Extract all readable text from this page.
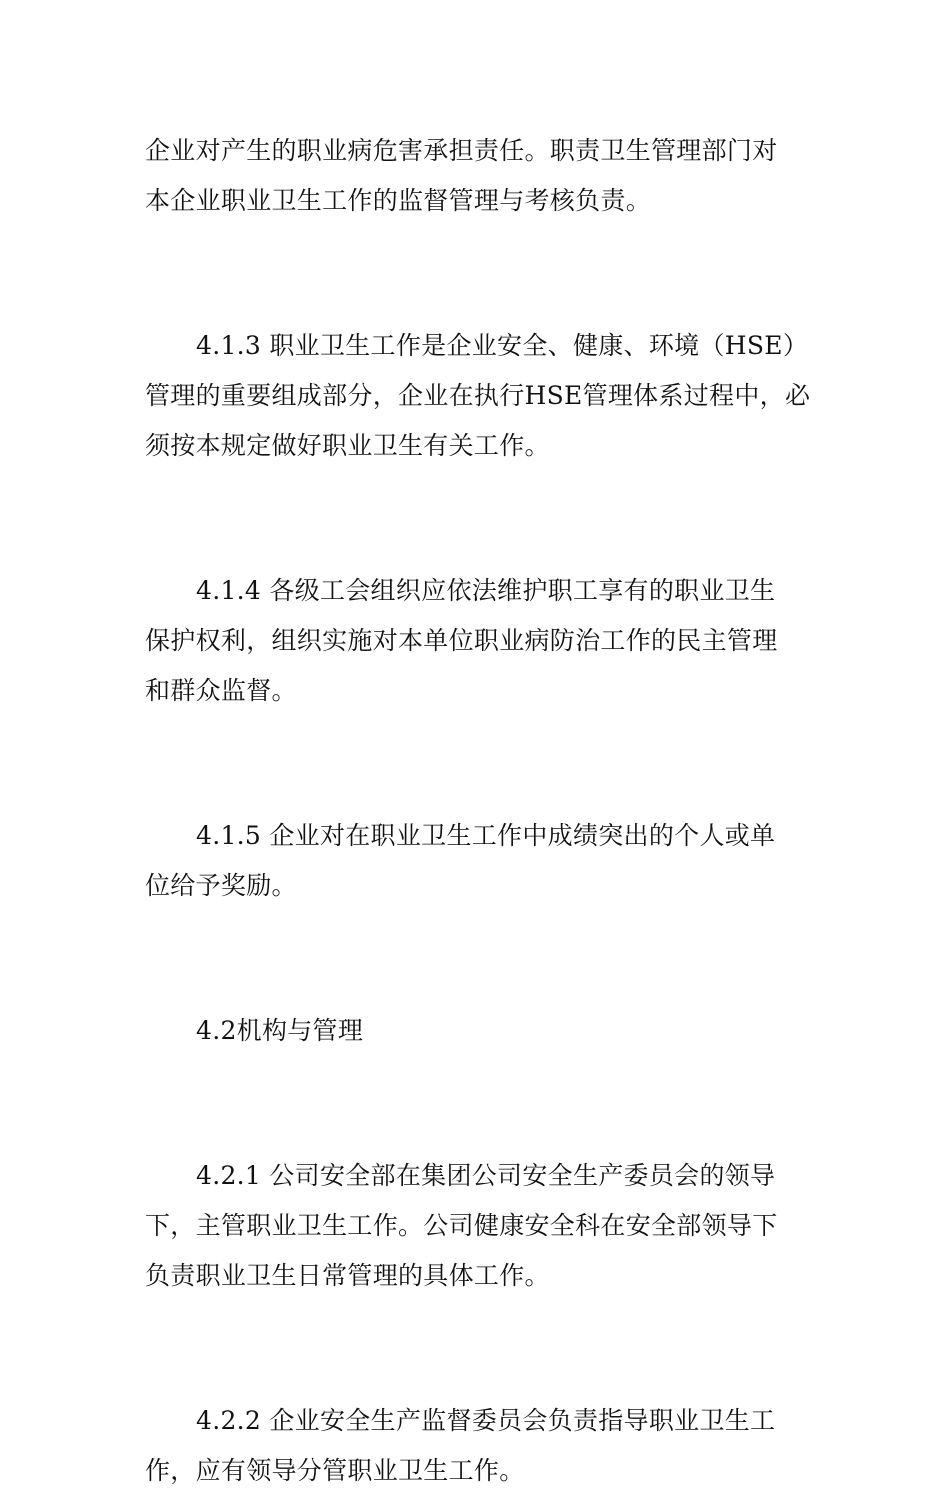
企业对产生的职业病危害承担责任。职责卫生管理部门对
本企业职业卫生工作的监督管理与考核负责。
4.1.3 职业卫生工作是企业安全、健康、环境（HSE）
管理的重要组成部分，企业在执行HSE管理体系过程中，必
须按本规定做好职业卫生有关工作。
4.1.4 各级工会组织应依法维护职工享有的职业卫生
保护权利，组织实施对本单位职业病防治工作的民主管理
和群众监督。
4.1.5 企业对在职业卫生工作中成绩突出的个人或单
位给予奖励。
4.2机构与管理
4.2.1 公司安全部在集团公司安全生产委员会的领导
下，主管职业卫生工作。公司健康安全科在安全部领导下
负责职业卫生日常管理的具体工作。
4.2.2 企业安全生产监督委员会负责指导职业卫生工
作，应有领导分管职业卫生工作。
